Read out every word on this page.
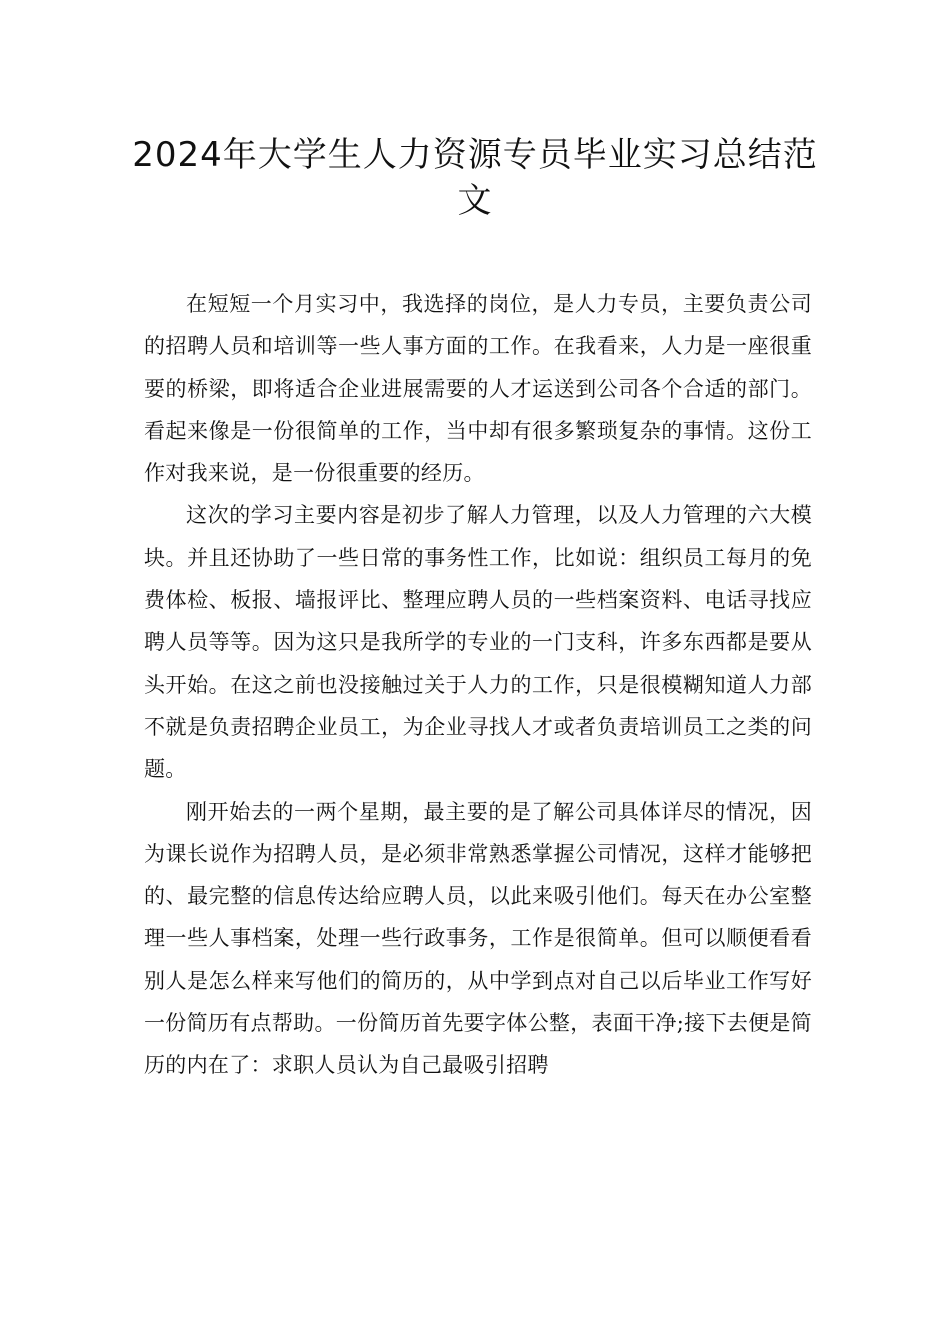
2024年大学生人力资源专员毕业实习总结范文

在短短一个月实习中，我选择的岗位，是人力专员，主要负责公司的招聘人员和培训等一些人事方面的工作。在我看来，人力是一座很重要的桥梁，即将适合企业进展需要的人才运送到公司各个合适的部门。看起来像是一份很简单的工作，当中却有很多繁琐复杂的事情。这份工作对我来说，是一份很重要的经历。

这次的学习主要内容是初步了解人力管理，以及人力管理的六大模块。并且还协助了一些日常的事务性工作，比如说：组织员工每月的免费体检、板报、墙报评比、整理应聘人员的一些档案资料、电话寻找应聘人员等等。因为这只是我所学的专业的一门支科，许多东西都是要从头开始。在这之前也没接触过关于人力的工作，只是很模糊知道人力部不就是负责招聘企业员工，为企业寻找人才或者负责培训员工之类的问题。

刚开始去的一两个星期，最主要的是了解公司具体详尽的情况，因为课长说作为招聘人员，是必须非常熟悉掌握公司情况，这样才能够把的、最完整的信息传达给应聘人员，以此来吸引他们。每天在办公室整理一些人事档案，处理一些行政事务，工作是很简单。但可以顺便看看别人是怎么样来写他们的简历的，从中学到点对自己以后毕业工作写好一份简历有点帮助。一份简历首先要字体公整，表面干净;接下去便是简历的内在了：求职人员认为自己最吸引招聘
